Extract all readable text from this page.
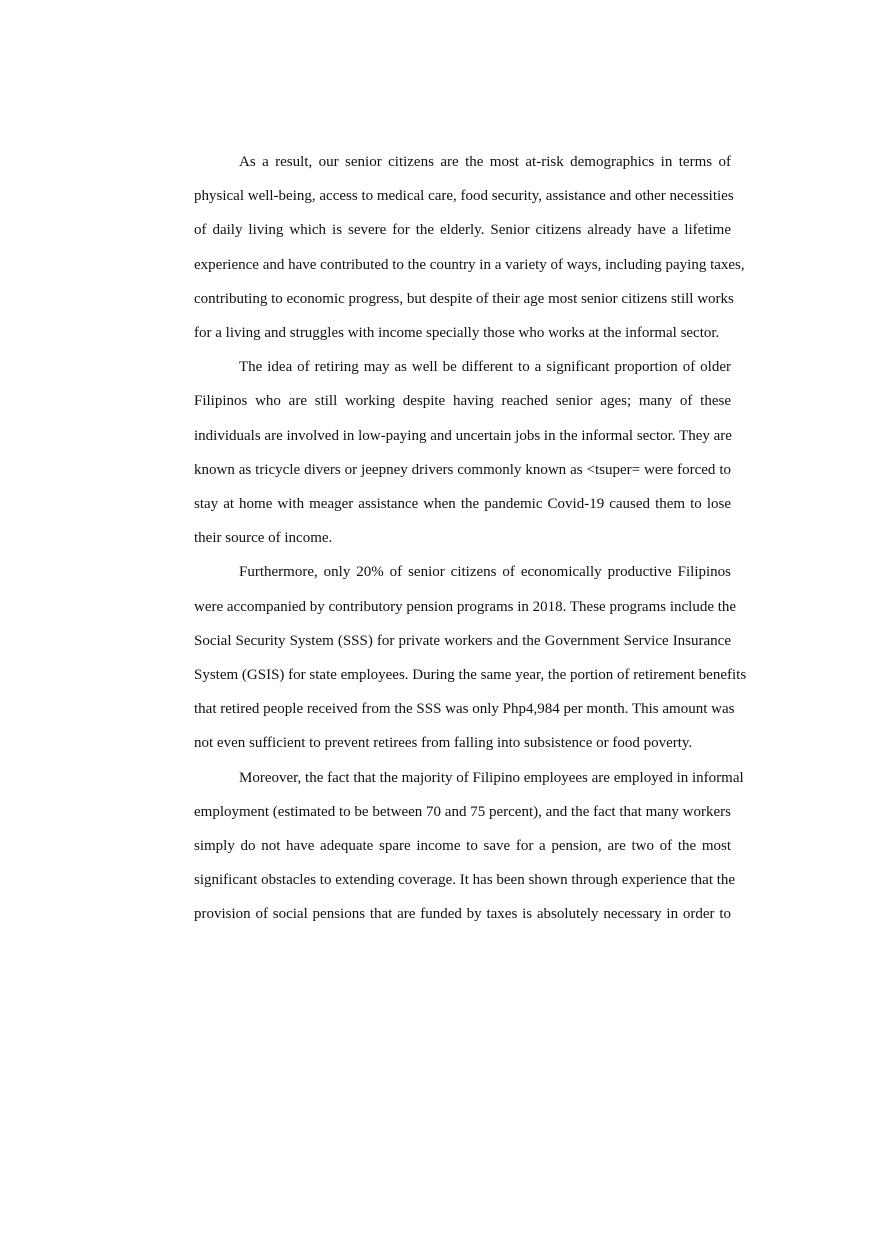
As a result, our senior citizens are the most at-risk demographics in terms of
physical well-being, access to medical care, food security, assistance and other necessities
of daily living which is severe for the elderly. Senior citizens already have a lifetime
experience and have contributed to the country in a variety of ways, including paying taxes,
contributing to economic progress, but despite of their age most senior citizens still works
for a living and struggles with income specially those who works at the informal sector.

The idea of retiring may as well be different to a significant proportion of older
Filipinos who are still working despite having reached senior ages; many of these
individuals are involved in low-paying and uncertain jobs in the informal sector. They are
known as tricycle divers or jeepney drivers commonly known as <tsuper= were forced to
stay at home with meager assistance when the pandemic Covid-19 caused them to lose
their source of income.

Furthermore, only 20% of senior citizens of economically productive Filipinos
were accompanied by contributory pension programs in 2018. These programs include the
Social Security System (SSS) for private workers and the Government Service Insurance
System (GSIS) for state employees. During the same year, the portion of retirement benefits
that retired people received from the SSS was only Php4,984 per month. This amount was
not even sufficient to prevent retirees from falling into subsistence or food poverty.

Moreover, the fact that the majority of Filipino employees are employed in informal
employment (estimated to be between 70 and 75 percent), and the fact that many workers
simply do not have adequate spare income to save for a pension, are two of the most
significant obstacles to extending coverage. It has been shown through experience that the
provision of social pensions that are funded by taxes is absolutely necessary in order to
